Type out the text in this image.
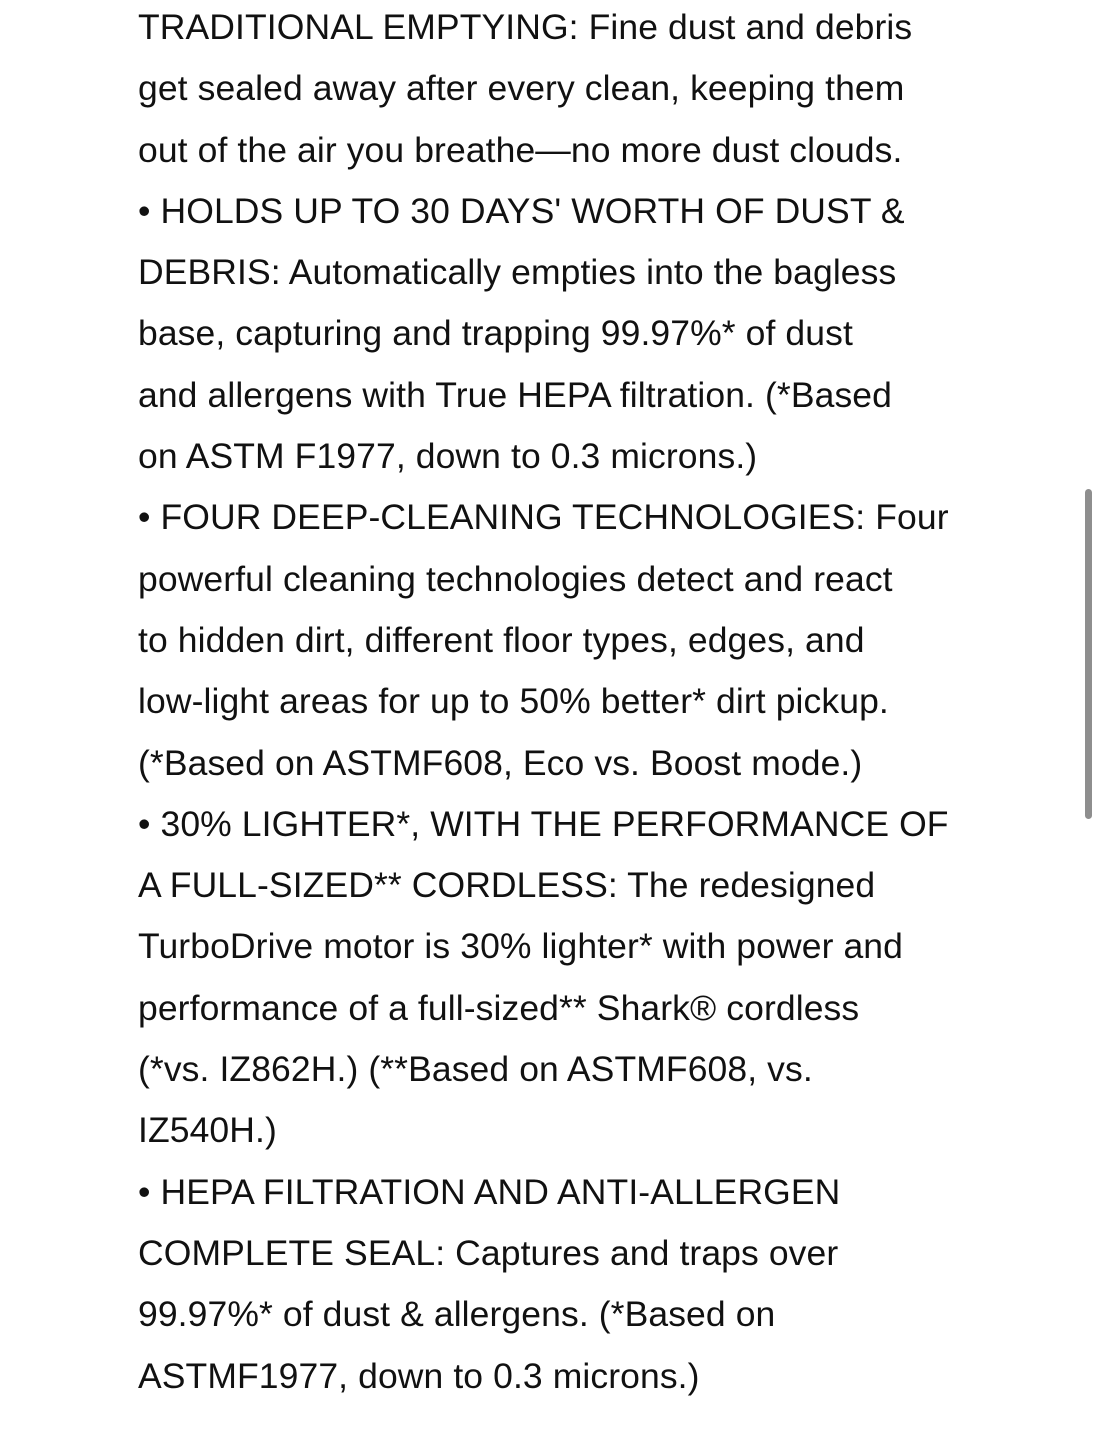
TRADITIONAL EMPTYING: Fine dust and debris
get sealed away after every clean, keeping them
out of the air you breathe—no more dust clouds.
• HOLDS UP TO 30 DAYS' WORTH OF DUST &
DEBRIS: Automatically empties into the bagless
base, capturing and trapping 99.97%* of dust
and allergens with True HEPA filtration. (*Based
on ASTM F1977, down to 0.3 microns.)
• FOUR DEEP-CLEANING TECHNOLOGIES: Four
powerful cleaning technologies detect and react
to hidden dirt, different floor types, edges, and
low-light areas for up to 50% better* dirt pickup.
(*Based on ASTMF608, Eco vs. Boost mode.)
• 30% LIGHTER*, WITH THE PERFORMANCE OF
A FULL-SIZED** CORDLESS: The redesigned
TurboDrive motor is 30% lighter* with power and
performance of a full-sized** Shark® cordless
(*vs. IZ862H.) (**Based on ASTMF608, vs.
IZ540H.)
• HEPA FILTRATION AND ANTI-ALLERGEN
COMPLETE SEAL: Captures and traps over
99.97%* of dust & allergens. (*Based on
ASTMF1977, down to 0.3 microns.)
